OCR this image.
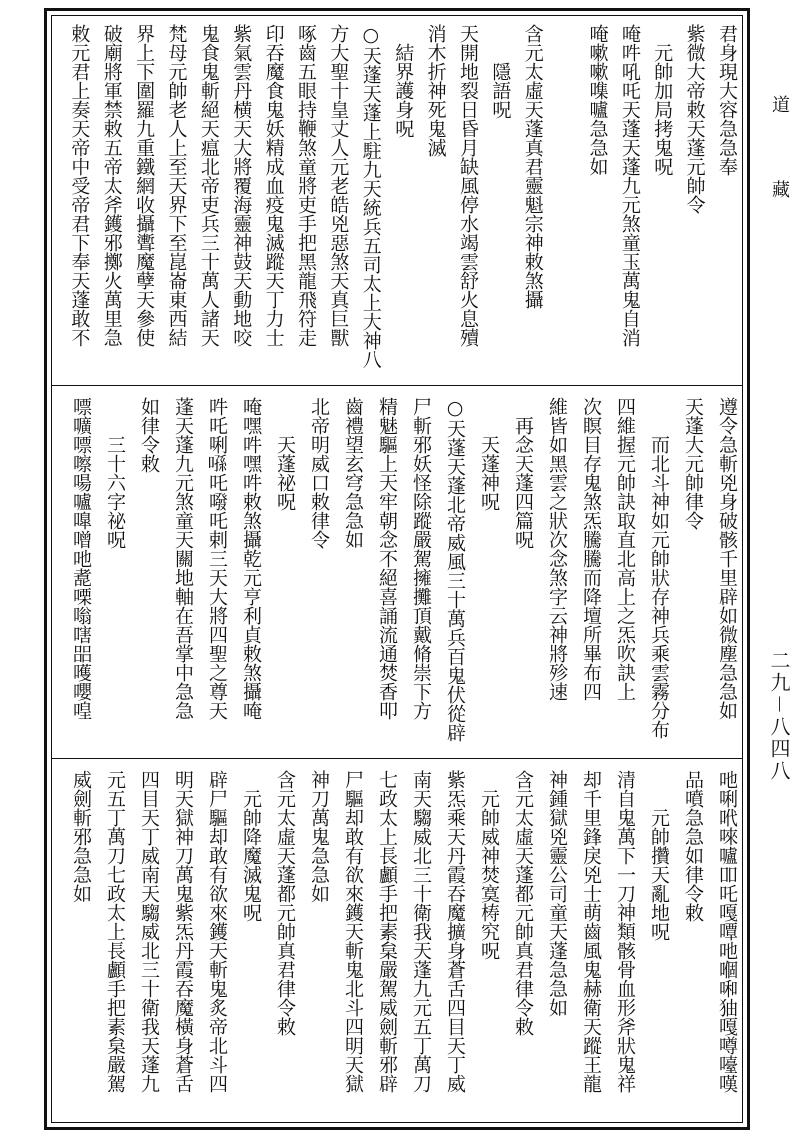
君身現大容急急奉
紫微大帝敕天蓬元帥令
　元帥加局拷鬼呪
唵吽吼吒天蓬天蓬九元煞童玉萬鬼自消
唵嗽嗽㗱嚧急急如

含元太虛天蓬真君靈魁宗神敕煞攝
　　隱語呪
天開地裂日昏月缺風停水竭雲舒火息殰
消木折神死鬼滅
　結界護身呪
○天蓬天蓬上駐九天統兵五司太上大神八
方大聖十皇丈人元老皓兇惡煞天真巨獸
啄齒五眼持鞭煞童將吏手把黑龍飛符走
印吞魔食鬼妖精成血疫鬼滅蹤天丁力士
紫氣雲丹横天大將覆海靈神鼓天動地咬
鬼食鬼斬絕天瘟北帝吏兵三十萬人諸天
梵母元帥老人上至天界下至崑崙東西結
界上下圍羅九重鐵網收攝聻魔孽天參使
破廟將軍禁敕五帝太斧鑊邪擲火萬里急
敕元君上奏天帝中受帝君下奉天蓬敢不
遵令急斬兇身破骸千里辟如微塵急急如
天蓬大元帥律令
　　而北斗神如元帥狀存神兵乘雲霧分布
四維握元帥訣取直北高上之炁吹訣上
次瞑目存鬼煞炁騰騰而降壇所畢布四
維皆如黑雲之狀次念煞字云神將殄速
　再念天蓬四篇呪
　　天蓬神呪
○天蓬天蓬北帝威風三十萬兵百鬼伏從辟
尸斬邪妖怪除蹤嚴駕擁攤頂戴脩崇下方
精魅驅上天牢朝念不絕喜誦流通焚香叩
齒禮望玄穹急急如
北帝明威口敕律令
　　天蓬祕呪
唵嘿吽嘿吽敕煞攝乾元亨利貞敕煞攝唵
吽吒唎𠹀吒㗶吒剌三天大將四聖之尊天
蓬天蓬九元煞童天關地軸在吾掌中急急
如律令敕
　　三十六字祕呪
嘌嚝嘌嚓啺嚧嘷噌吔㗯㗚嗡嗐㗊嚄嚶喤
吔唎𠰺唻嚧吅吒嘎嘾吔嗰啝㹨嘎噂㘆嘆
品噴急急如律令敕
　　元帥攢天亂地呪
清自鬼萬下一刀神類骸骨血形斧狀鬼祥
却千里鋒戾兇士萌齒風鬼赫衛天蹤王龍
神鍾獄兇靈公司童天蓬急急如
含元太虛天蓬都元帥真君律令敕
　元帥威神焚寞梼究呪
紫炁乘天丹霞吞魔擴身蒼舌四目天丁威
南天騶威北三十衛我天蓬九元五丁萬刀
七政太上長顱手把素枲嚴駕威劍斬邪辟
尸驅却敢有欲來鑊天斬鬼北斗四明天獄
神刀萬鬼急急如
含元太虛天蓬都元帥真君律令敕
　元帥降魔滅鬼呪
辟尸驅却敢有欲來鑊天斬鬼炙帝北斗四
明天獄神刀萬鬼紫炁丹霞吞魔橫身蒼舌
四目天丁威南天騶威北三十衛我天蓬九
元五丁萬刀七政太上長顱手把素枲嚴駕
威劍斬邪急急如
道
藏
二九－八四八
